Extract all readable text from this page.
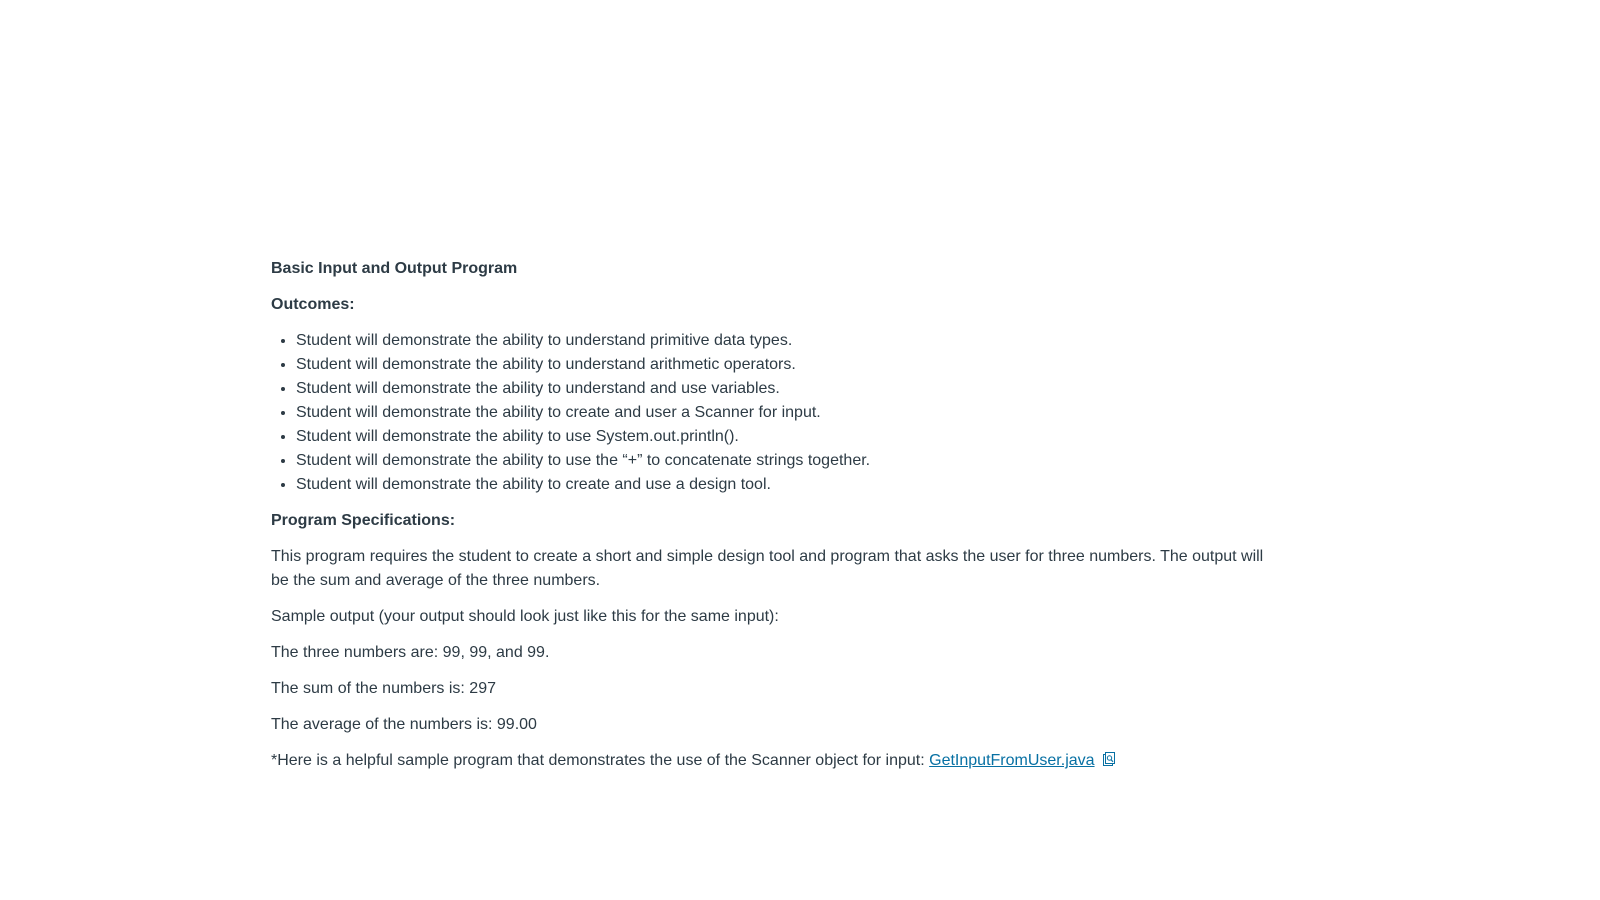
Basic Input and Output Program

Outcomes:

• Student will demonstrate the ability to understand primitive data types.
• Student will demonstrate the ability to understand arithmetic operators.
• Student will demonstrate the ability to understand and use variables.
• Student will demonstrate the ability to create and user a Scanner for input.
• Student will demonstrate the ability to use System.out.println().
• Student will demonstrate the ability to use the “+” to concatenate strings together.
• Student will demonstrate the ability to create and use a design tool.

Program Specifications:

This program requires the student to create a short and simple design tool and program that asks the user for three numbers. The output will be the sum and average of the three numbers.

Sample output (your output should look just like this for the same input):

The three numbers are: 99, 99, and 99.

The sum of the numbers is: 297

The average of the numbers is: 99.00

*Here is a helpful sample program that demonstrates the use of the Scanner object for input: GetInputFromUser.java
